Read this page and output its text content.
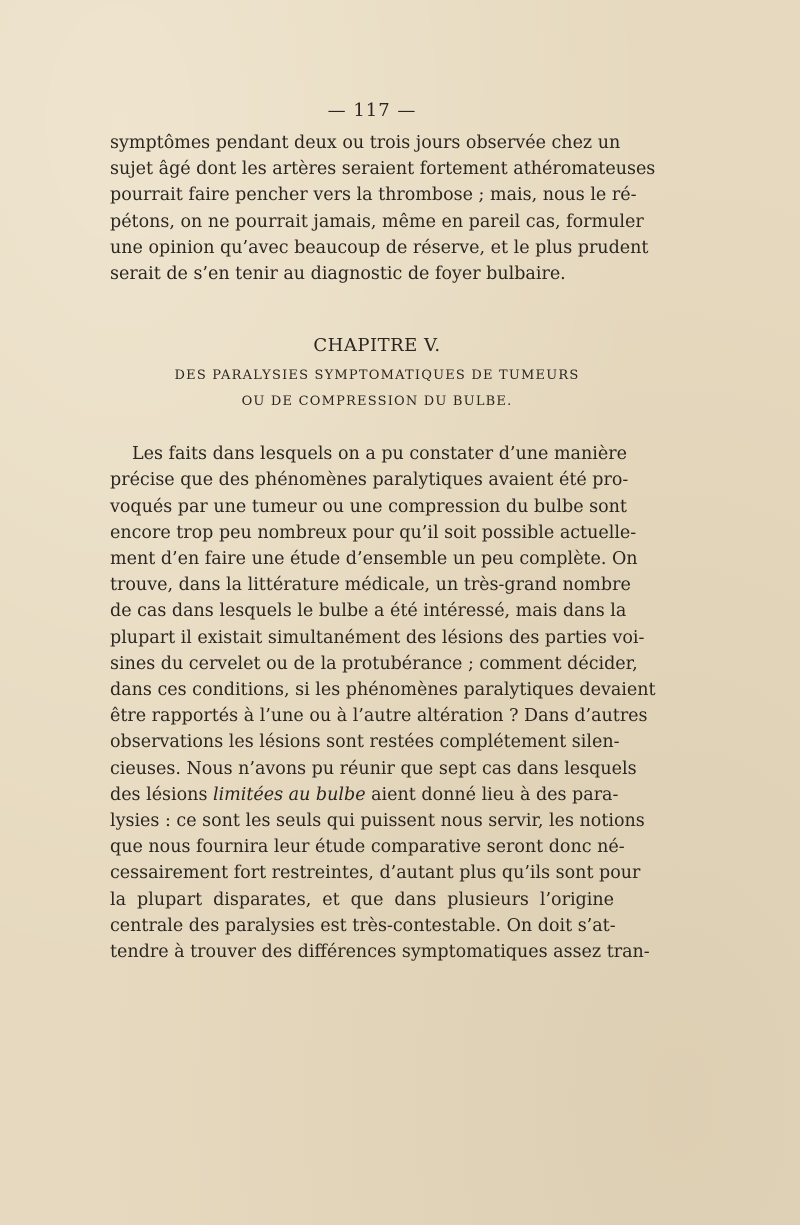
— 117 —

symptômes pendant deux ou trois jours observée chez un
sujet âgé dont les artères seraient fortement athéromateuses
pourrait faire pencher vers la thrombose ; mais, nous le ré-
pétons, on ne pourrait jamais, même en pareil cas, formuler
une opinion qu’avec beaucoup de réserve, et le plus prudent
serait de s’en tenir au diagnostic de foyer bulbaire.

CHAPITRE V.
DES PARALYSIES SYMPTOMATIQUES DE TUMEURS
OU DE COMPRESSION DU BULBE.

Les faits dans lesquels on a pu constater d’une manière
précise que des phénomènes paralytiques avaient été pro-
voqués par une tumeur ou une compression du bulbe sont
encore trop peu nombreux pour qu’il soit possible actuelle-
ment d’en faire une étude d’ensemble un peu complète. On
trouve, dans la littérature médicale, un très-grand nombre
de cas dans lesquels le bulbe a été intéressé, mais dans la
plupart il existait simultanément des lésions des parties voi-
sines du cervelet ou de la protubérance ; comment décider,
dans ces conditions, si les phénomènes paralytiques devaient
être rapportés à l’une ou à l’autre altération ? Dans d’autres
observations les lésions sont restées complétement silen-
cieuses. Nous n’avons pu réunir que sept cas dans lesquels
des lésions limitées au bulbe aient donné lieu à des para-
lysies : ce sont les seuls qui puissent nous servir, les notions
que nous fournira leur étude comparative seront donc né-
cessairement fort restreintes, d’autant plus qu’ils sont pour
la plupart disparates, et que dans plusieurs l’origine
centrale des paralysies est très-contestable. On doit s’at-
tendre à trouver des différences symptomatiques assez tran-
